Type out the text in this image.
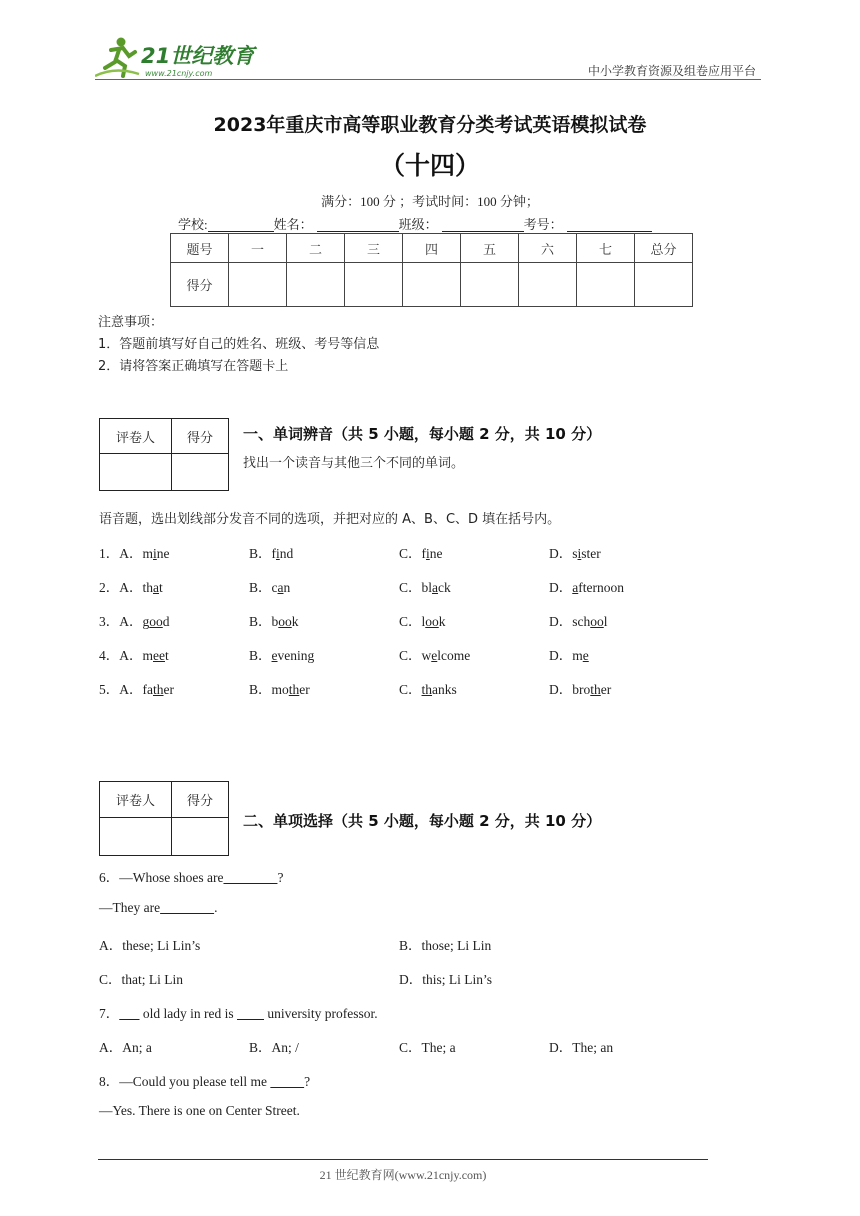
21世纪教育
www.21cnjy.com	中小学教育资源及组卷应用平台
2023年重庆市高等职业教育分类考试英语模拟试卷
（十四）
满分：100 分 ；考试时间：100 分钟；
学校:	姓名：	班级：	考号：
题号	一	二	三	四	五	六	七	总分
得分								
注意事项：
1．答题前填写好自己的姓名、班级、考号等信息
2．请将答案正确填写在答题卡上
评卷人	得分
	一、单词辨音（共 5 小题，每小题 2 分，共 10 分）
找出一个读音与其他三个不同的单词。
语音题，选出划线部分发音不同的选项，并把对应的 A、B、C、D 填在括号内。
1．A．mine	B．find	C．fine	D．sister
2．A．that	B．can	C．black	D．afternoon
3．A．good	B．book	C．look	D．school
4．A．meet	B．evening	C．welcome	D．me
5．A．father	B．mother	C．thanks	D．brother
评卷人	得分

二、单项选择（共 5 小题，每小题 2 分，共 10 分）
6．—Whose shoes are	?
—They are	.
A．these; Li Lin’s	B．those; Li Lin
C．that; Li Lin	D．this; Li Lin’s
7．       old lady in red is          university professor.
A．An; a	B．An; /	C．The; a	D．The; an
8．—Could you please tell me	?
—Yes. There is one on Center Street.
21 世纪教育网(www.21cnjy.com)
